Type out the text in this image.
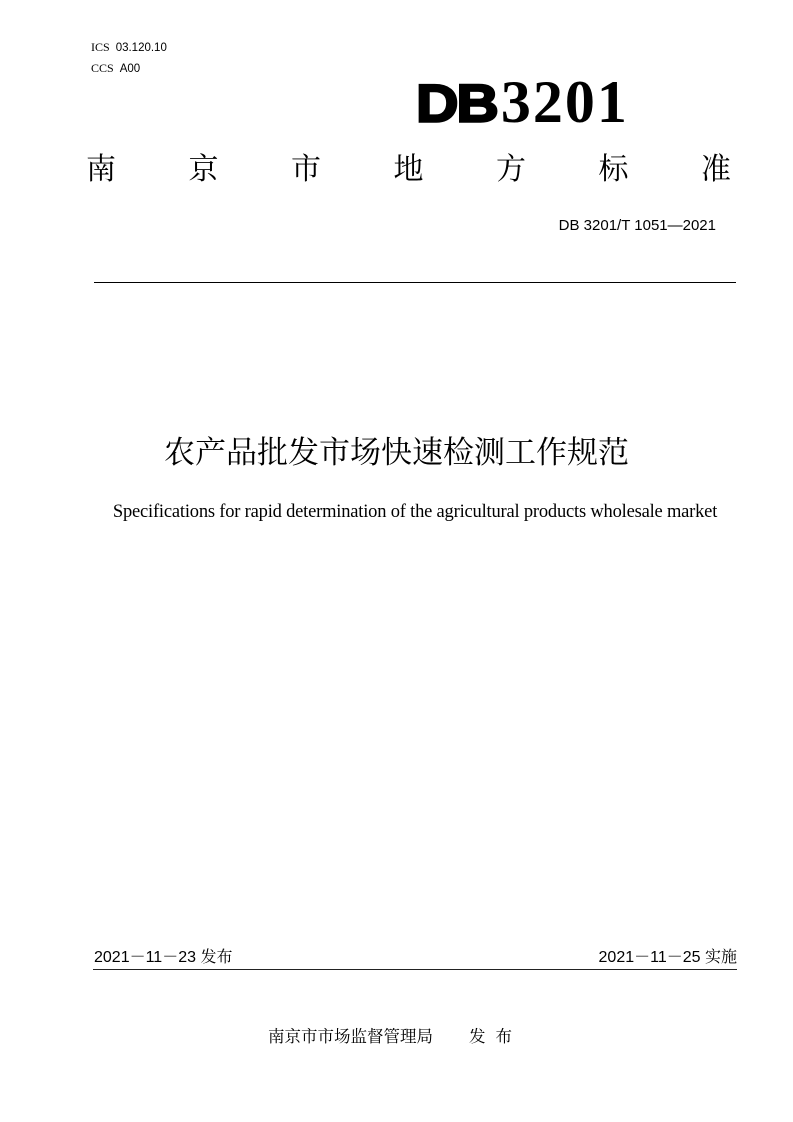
ICS 03.120.10
CCS A00
DB 3201
南 京 市 地 方 标 准
DB 3201/T 1051—2021
农产品批发市场快速检测工作规范
Specifications for rapid determination of the agricultural products wholesale market
2021－11－23 发布	2021－11－25 实施
南京市市场监督管理局 发布
